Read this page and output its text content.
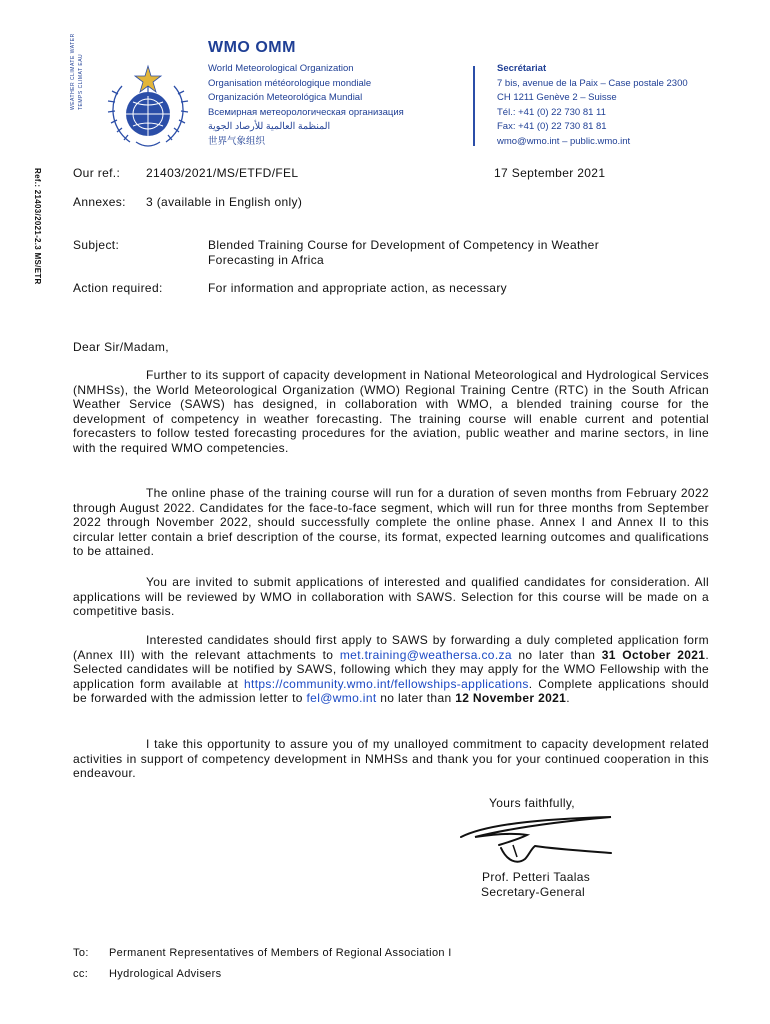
WEATHER CLIMATE WATER TEMPS CLIMAT EAU
WMO OMM
World Meteorological Organization
Organisation météorologique mondiale
Organización Meteorológica Mundial
Всемирная метеорологическая организация
المنظمة العالمية للأرصاد الجوية
世界气象组织
Secrétariat
7 bis, avenue de la Paix – Case postale 2300
CH 1211 Genève 2 – Suisse
Tél.: +41 (0) 22 730 81 11
Fax: +41 (0) 22 730 81 81
wmo@wmo.int – public.wmo.int
Ref.: 21403/2021-2.3 MS/ETR	Our ref.: 21403/2021/MS/ETFD/FEL	17 September 2021
Annexes: 3 (available in English only)
Subject:	Blended Training Course for Development of Competency in Weather
Forecasting in Africa
Action required:	For information and appropriate action, as necessary
Dear Sir/Madam,

Further to its support of capacity development in National Meteorological and Hydrological Services (NMHSs), the World Meteorological Organization (WMO) Regional Training Centre (RTC) in the South African Weather Service (SAWS) has designed, in collaboration with WMO, a blended training course for the development of competency in weather forecasting. The training course will enable current and potential forecasters to follow tested forecasting procedures for the aviation, public weather and marine sectors, in line with the required WMO competencies.

The online phase of the training course will run for a duration of seven months from February 2022 through August 2022. Candidates for the face-to-face segment, which will run for three months from September 2022 through November 2022, should successfully complete the online phase. Annex I and Annex II to this circular letter contain a brief description of the course, its format, expected learning outcomes and qualifications to be attained.

You are invited to submit applications of interested and qualified candidates for consideration. All applications will be reviewed by WMO in collaboration with SAWS. Selection for this course will be made on a competitive basis.

Interested candidates should first apply to SAWS by forwarding a duly completed application form (Annex III) with the relevant attachments to met.training@weathersa.co.za no later than 31 October 2021. Selected candidates will be notified by SAWS, following which they may apply for the WMO Fellowship with the application form available at https://community.wmo.int/fellowships-applications. Complete applications should be forwarded with the admission letter to fel@wmo.int no later than 12 November 2021.

I take this opportunity to assure you of my unalloyed commitment to capacity development related activities in support of competency development in NMHSs and thank you for your continued cooperation in this endeavour.

Yours faithfully,
Prof. Petteri Taalas
Secretary-General
To: Permanent Representatives of Members of Regional Association I
cc: Hydrological Advisers
